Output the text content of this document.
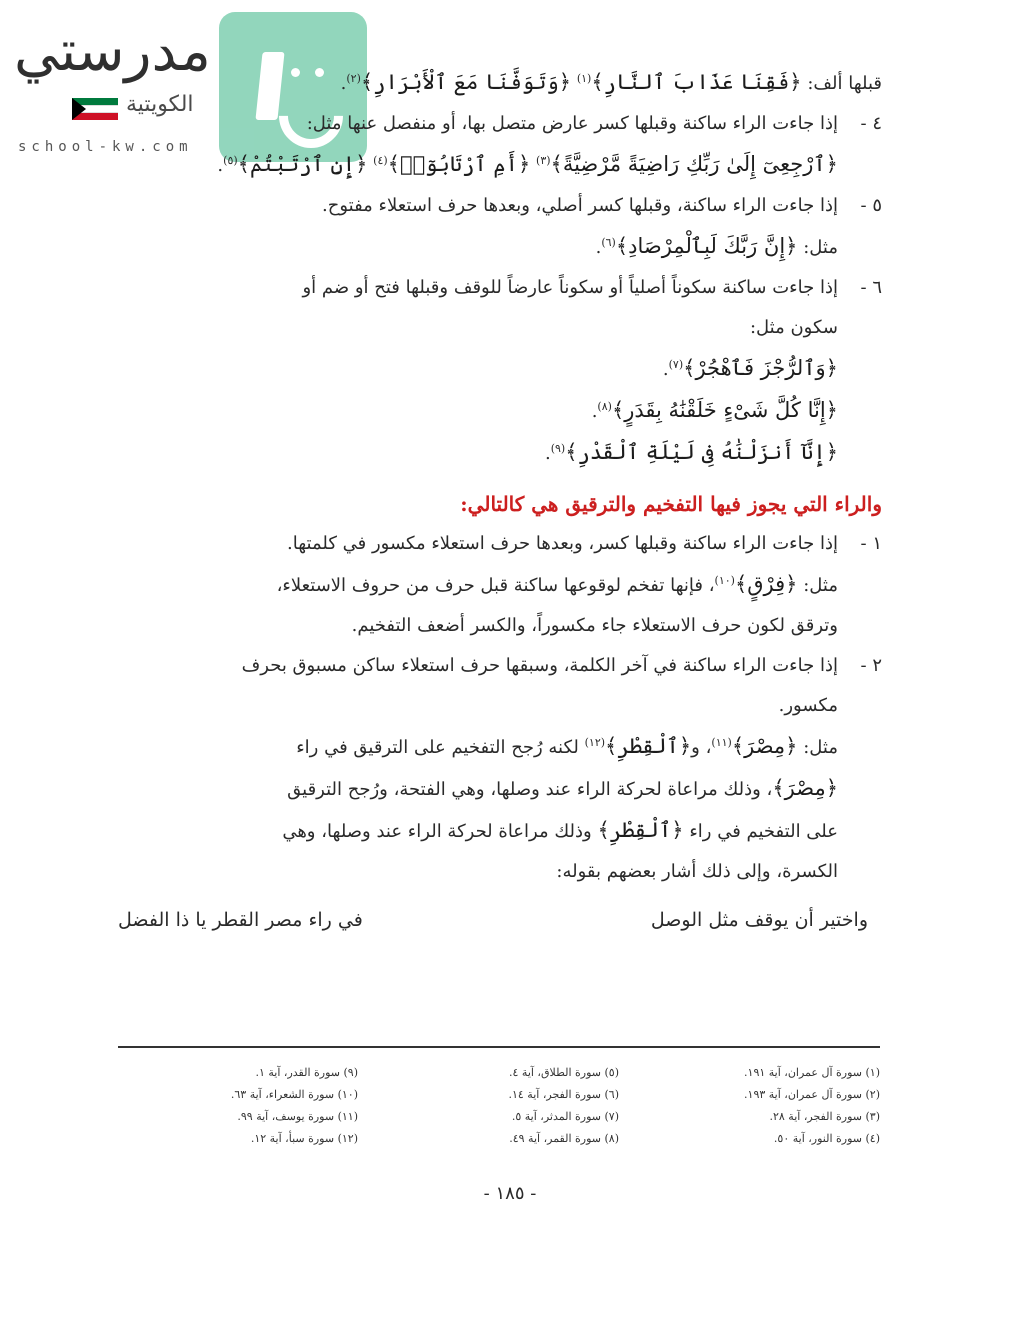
مدرستي
الكويتية
school-kw.com
قبلها ألف: ﴿فَقِنَا عَذَابَ ٱلنَّارِ﴾$^{(١)}$ ﴿وَتَوَفَّنَا مَعَ ٱلْأَبْرَارِ﴾$^{(٢)}$.
٤ -إذا جاءت الراء ساكنة وقبلها كسر عارض متصل بها، أو منفصل عنها مثل:
﴿ٱرْجِعِىٓ إِلَىٰ رَبِّكِ رَاضِيَةً مَّرْضِيَّةً﴾$^{(٣)}$ ﴿أَمِ ٱرْتَابُوٓا۟﴾$^{(٤)}$ ﴿إِنِ ٱرْتَبْتُمْ﴾$^{(٥)}$.
٥ -إذا جاءت الراء ساكنة، وقبلها كسر أصلي، وبعدها حرف استعلاء مفتوح.
مثل: ﴿إِنَّ رَبَّكَ لَبِٱلْمِرْصَادِ﴾$^{(٦)}$.
٦ -إذا جاءت ساكنة سكوناً أصلياً أو سكوناً عارضاً للوقف وقبلها فتح أو ضم أو
سكون مثل:
﴿وَٱلرُّجْزَ فَٱهْجُرْ﴾$^{(٧)}$.
﴿إِنَّا كُلَّ شَىْءٍ خَلَقْنَٰهُ بِقَدَرٍ﴾$^{(٨)}$.
﴿إِنَّآ أَنزَلْنَٰهُ فِى لَيْلَةِ ٱلْقَدْرِ﴾$^{(٩)}$.
والراء التي يجوز فيها التفخيم والترقيق هي كالتالي:
١ -إذا جاءت الراء ساكنة وقبلها كسر، وبعدها حرف استعلاء مكسور في كلمتها.
مثل: ﴿فِرْقٍ﴾$^{(١٠)}$، فإنها تفخم لوقوعها ساكنة قبل حرف من حروف الاستعلاء،
وترقق لكون حرف الاستعلاء جاء مكسوراً، والكسر أضعف التفخيم.
٢ -إذا جاءت الراء ساكنة في آخر الكلمة، وسبقها حرف استعلاء ساكن مسبوق بحرف
مكسور.
مثل: ﴿مِصْرَ﴾$^{(١١)}$، و﴿ٱلْقِطْرِ﴾$^{(١٢)}$ لكنه رُجح التفخيم على الترقيق في راء
﴿مِصْرَ﴾، وذلك مراعاة لحركة الراء عند وصلها، وهي الفتحة، ورُجح الترقيق
على التفخيم في راء ﴿ٱلْقِطْرِ﴾ وذلك مراعاة لحركة الراء عند وصلها، وهي
الكسرة، وإلى ذلك أشار بعضهم بقوله:
واختير أن يوقف مثل الوصل
في راء مصر القطر يا ذا الفضل
(١) سورة آل عمران، آية ١٩١.
(٢) سورة آل عمران، آية ١٩٣.
(٣) سورة الفجر، آية ٢٨.
(٤) سورة النور، آية ٥٠.
(٥) سورة الطلاق، آية ٤.
(٦) سورة الفجر، آية ١٤.
(٧) سورة المدثر، آية ٥.
(٨) سورة القمر، آية ٤٩.
(٩) سورة القدر، آية ١.
(١٠) سورة الشعراء، آية ٦٣.
(١١) سورة يوسف، آية ٩٩.
(١٢) سورة سبأ، آية ١٢.
- ١٨٥ -
